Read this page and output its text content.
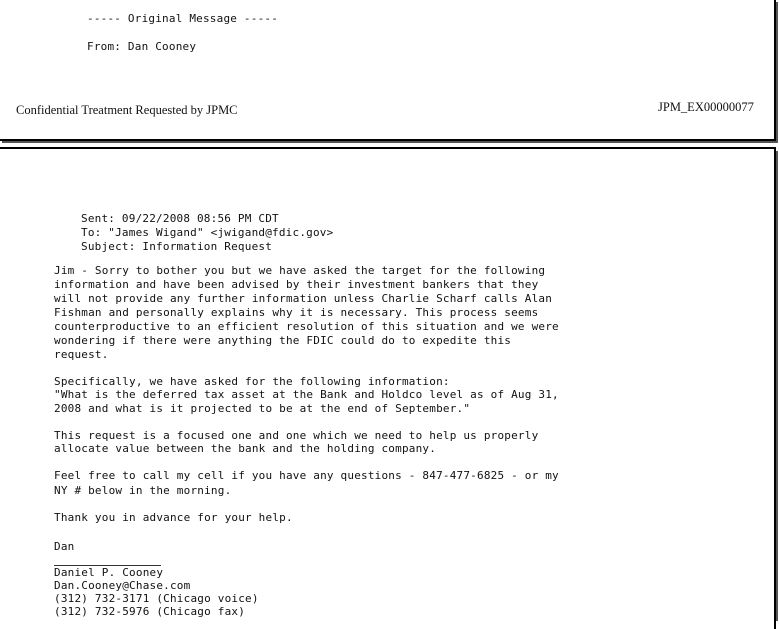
----- Original Message -----
From: Dan Cooney
Confidential Treatment Requested by JPMC	JPM_EX00000077
Sent: 09/22/2008 08:56 PM CDT
To: "James Wigand" <jwigand@fdic.gov>
Subject: Information Request
Jim - Sorry to bother you but we have asked the target for the following
information and have been advised by their investment bankers that they
will not provide any further information unless Charlie Scharf calls Alan
Fishman and personally explains why it is necessary. This process seems
counterproductive to an efficient resolution of this situation and we were
wondering if there were anything the FDIC could do to expedite this
request.
Specifically, we have asked for the following information:
"What is the deferred tax asset at the Bank and Holdco level as of Aug 31,
2008 and what is it projected to be at the end of September."
This request is a focused one and one which we need to help us properly
allocate value between the bank and the holding company.
Feel free to call my cell if you have any questions - 847-477-6825 - or my
NY # below in the morning.
Thank you in advance for your help.
Dan
Daniel P. Cooney
Dan.Cooney@Chase.com
(312) 732-3171 (Chicago voice)
(312) 732-5976 (Chicago fax)
